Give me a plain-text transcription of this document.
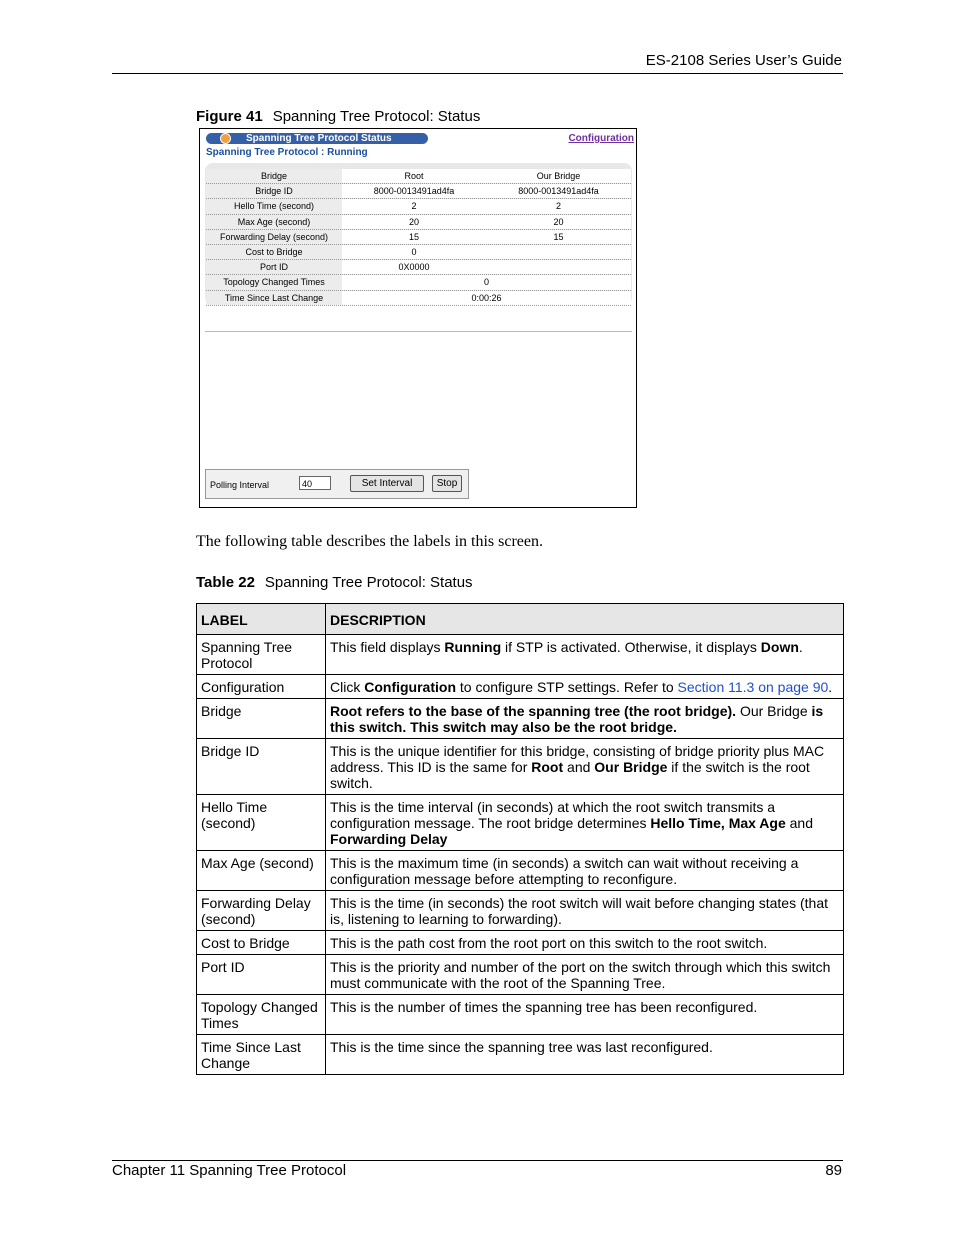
ES-2108 Series User’s Guide
Figure 41 Spanning Tree Protocol: Status
Spanning Tree Protocol Status	Configuration
Spanning Tree Protocol : Running
Bridge	Root	Our Bridge
Bridge ID	8000-0013491ad4fa	8000-0013491ad4fa
Hello Time (second)	2	2
Max Age (second)	20	20
Forwarding Delay (second)	15	15
Cost to Bridge	0
Port ID	0X0000
Topology Changed Times	0
Time Since Last Change	0:00:26
Polling Interval	40	Set Interval	Stop
The following table describes the labels in this screen.
Table 22 Spanning Tree Protocol: Status
LABEL	DESCRIPTION
Spanning Tree Protocol	This field displays Running if STP is activated. Otherwise, it displays Down.
Configuration	Click Configuration to configure STP settings. Refer to Section 11.3 on page 90.
Bridge	Root refers to the base of the spanning tree (the root bridge). Our Bridge is this switch. This switch may also be the root bridge.
Bridge ID	This is the unique identifier for this bridge, consisting of bridge priority plus MAC address. This ID is the same for Root and Our Bridge if the switch is the root switch.
Hello Time (second)	This is the time interval (in seconds) at which the root switch transmits a configuration message. The root bridge determines Hello Time, Max Age and Forwarding Delay
Max Age (second)	This is the maximum time (in seconds) a switch can wait without receiving a configuration message before attempting to reconfigure.
Forwarding Delay (second)	This is the time (in seconds) the root switch will wait before changing states (that is, listening to learning to forwarding).
Cost to Bridge	This is the path cost from the root port on this switch to the root switch.
Port ID	This is the priority and number of the port on the switch through which this switch must communicate with the root of the Spanning Tree.
Topology Changed Times	This is the number of times the spanning tree has been reconfigured.
Time Since Last Change	This is the time since the spanning tree was last reconfigured.
Chapter 11 Spanning Tree Protocol	89
